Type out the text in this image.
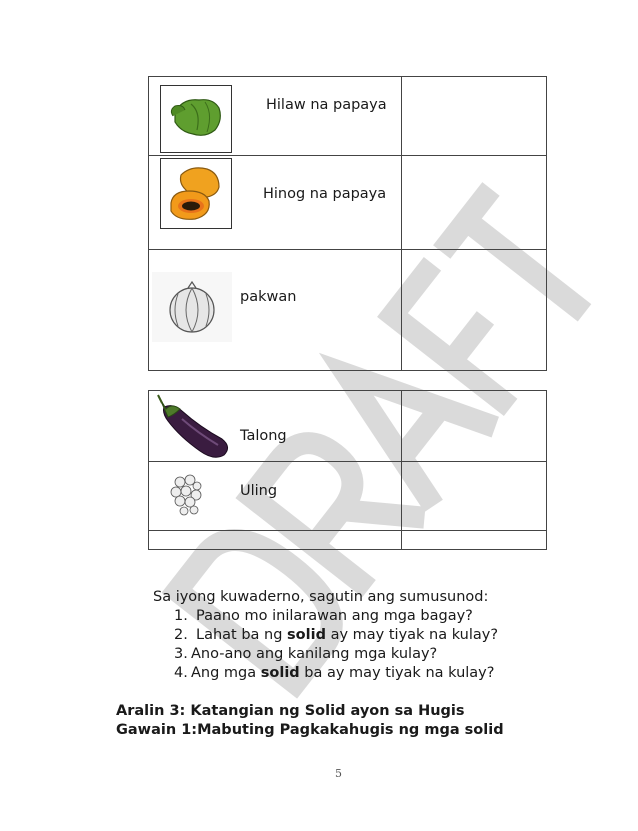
Hilaw na papaya
Hinog na papaya
pakwan
Talong
Uling
Sa iyong kuwaderno, sagutin ang sumusunod:
1. Paano mo inilarawan ang mga bagay?
2. Lahat ba ng solid ay may tiyak na kulay?
3. Ano-ano ang kanilang mga kulay?
4. Ang mga solid ba ay may tiyak na kulay?
Aralin 3: Katangian ng Solid ayon sa Hugis
Gawain 1:Mabuting Pagkakahugis ng mga solid
5
